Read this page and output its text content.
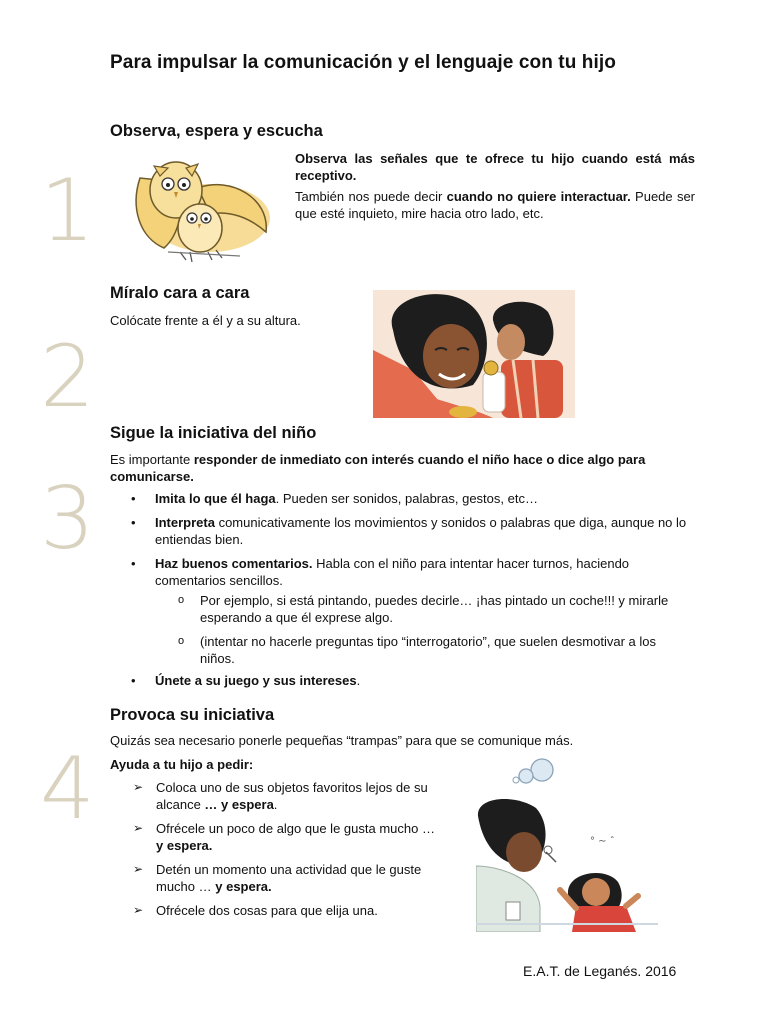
Para impulsar la comunicación y el lenguaje con tu hijo
1
2
3
4
Observa, espera y escucha
Observa las señales que te ofrece tu hijo cuando está más receptivo.
También nos puede decir cuando no quiere interactuar. Puede ser que esté inquieto, mire hacia otro lado, etc.
Míralo cara a cara
Colócate frente a él y a su altura.
Sigue la iniciativa del niño
Es importante responder de inmediato con interés cuando el niño hace o dice algo para comunicarse.
• Imita lo que él haga. Pueden ser sonidos, palabras, gestos, etc…
• Interpreta comunicativamente los movimientos y sonidos o palabras que diga, aunque no lo entiendas bien.
• Haz buenos comentarios. Habla con el niño para intentar hacer turnos, haciendo comentarios sencillos.
o Por ejemplo, si está pintando, puedes decirle… ¡has pintado un coche!!! y mirarle esperando a que él exprese algo.
o (intentar no hacerle preguntas tipo “interrogatorio”, que suelen desmotivar a los niños.
• Únete a su juego y sus intereses.
Provoca su iniciativa
Quizás sea necesario ponerle pequeñas “trampas” para que se comunique más.
Ayuda a tu hijo a pedir:
➢ Coloca uno de sus objetos favoritos lejos de su alcance … y espera.
➢ Ofrécele un poco de algo que le gusta mucho … y espera.
➢ Detén un momento una actividad que le guste mucho … y espera.
➢ Ofrécele dos cosas para que elija una.
° ∼ ˆ
E.A.T. de Leganés. 2016
